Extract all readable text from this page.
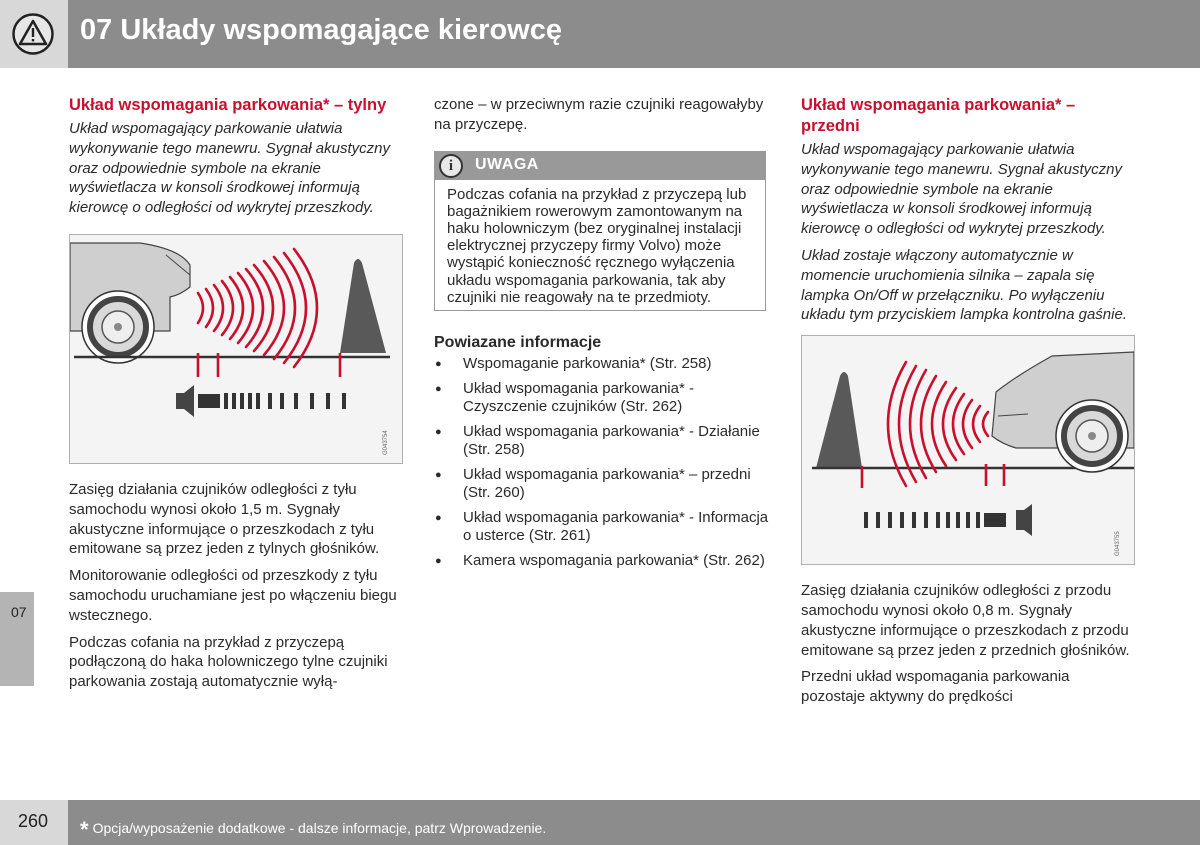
07 Układy wspomagające kierowcę
07
Układ wspomagania parkowania* – tylny

Układ wspomagający parkowanie ułatwia wykonywanie tego manewru. Sygnał akustyczny oraz odpowiednie symbole na ekranie wyświetlacza w konsoli środkowej informują kierowcę o odległości od wykrytej przeszkody.

G043754

Zasięg działania czujników odległości z tyłu samochodu wynosi około 1,5 m. Sygnały akustyczne informujące o przeszkodach z tyłu emitowane są przez jeden z tylnych głośników.

Monitorowanie odległości od przeszkody z tyłu samochodu uruchamiane jest po włączeniu biegu wstecznego.

Podczas cofania na przykład z przyczepą podłączoną do haka holowniczego tylne czujniki parkowania zostają automatycznie wyłą-

czone – w przeciwnym razie czujniki reagowałyby na przyczepę.

i	UWAGA
Podczas cofania na przykład z przyczepą lub bagażnikiem rowerowym zamontowanym na haku holowniczym (bez oryginalnej instalacji elektrycznej przyczepy firmy Volvo) może wystąpić konieczność ręcznego wyłączenia układu wspomagania parkowania, tak aby czujniki nie reagowały na te przedmioty.
Powiazane informacje
● Wspomaganie parkowania* (Str. 258)
● Układ wspomagania parkowania* - Czyszczenie czujników (Str. 262)
● Układ wspomagania parkowania* - Działanie (Str. 258)
● Układ wspomagania parkowania* – przedni (Str. 260)
● Układ wspomagania parkowania* - Informacja o usterce (Str. 261)
● Kamera wspomagania parkowania* (Str. 262)
Układ wspomagania parkowania* – przedni

Układ wspomagający parkowanie ułatwia wykonywanie tego manewru. Sygnał akustyczny oraz odpowiednie symbole na ekranie wyświetlacza w konsoli środkowej informują kierowcę o odległości od wykrytej przeszkody.

Układ zostaje włączony automatycznie w momencie uruchomienia silnika – zapala się lampka On/Off w przełączniku. Po wyłączeniu układu tym przyciskiem lampka kontrolna gaśnie.

G043755

Zasięg działania czujników odległości z przodu samochodu wynosi około 0,8 m. Sygnały akustyczne informujące o przeszkodach z przodu emitowane są przez jeden z przednich głośników.

Przedni układ wspomagania parkowania pozostaje aktywny do prędkości

260 * Opcja/wyposażenie dodatkowe - dalsze informacje, patrz Wprowadzenie.
